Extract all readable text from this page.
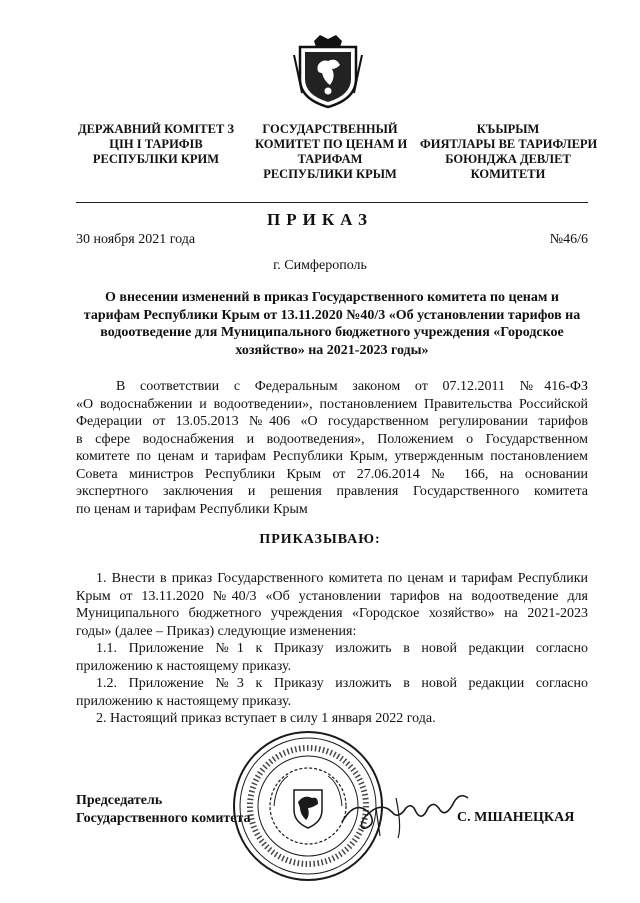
ДЕРЖАВНИЙ КОМІТЕТ З
ЦІН І ТАРИФІВ
РЕСПУБЛІКИ КРИМ
ГОСУДАРСТВЕННЫЙ
КОМИТЕТ ПО ЦЕНАМ И
ТАРИФАМ
РЕСПУБЛИКИ КРЫМ
КЪЫРЫМ
ФИЯТЛАРЫ ВЕ ТАРИФЛЕРИ
БОЮНДЖА ДЕВЛЕТ
КОМИТЕТИ
ПРИКАЗ
30 ноября 2021 года	№46/6
г. Симферополь
О внесении изменений в приказ Государственного комитета по ценам и
тарифам Республики Крым от 13.11.2020 №40/3 «Об установлении тарифов на
водоотведение для Муниципального бюджетного учреждения «Городское
хозяйство» на 2021-2023 годы»
В соответствии с Федеральным законом от 07.12.2011 №416-ФЗ
«О водоснабжении и водоотведении», постановлением Правительства Российской
Федерации от 13.05.2013 №406 «О государственном регулировании тарифов
в сфере водоснабжения и водоотведения», Положением о Государственном
комитете по ценам и тарифам Республики Крым, утвержденным постановлением
Совета министров Республики Крым от 27.06.2014 № 166, на основании
экспертного заключения и решения правления Государственного комитета
по ценам и тарифам Республики Крым
ПРИКАЗЫВАЮ:
1. Внести в приказ Государственного комитета по ценам и тарифам Республики
Крым от 13.11.2020 №40/3 «Об установлении тарифов на водоотведение для
Муниципального бюджетного учреждения «Городское хозяйство» на 2021-2023
годы» (далее – Приказ) следующие изменения:
1.1. Приложение №1 к Приказу изложить в новой редакции согласно
приложению к настоящему приказу.
1.2. Приложение №3 к Приказу изложить в новой редакции согласно
приложению к настоящему приказу.
2. Настоящий приказ вступает в силу 1 января 2022 года.
Председатель
Государственного комитета	С. МШАНЕЦКАЯ
